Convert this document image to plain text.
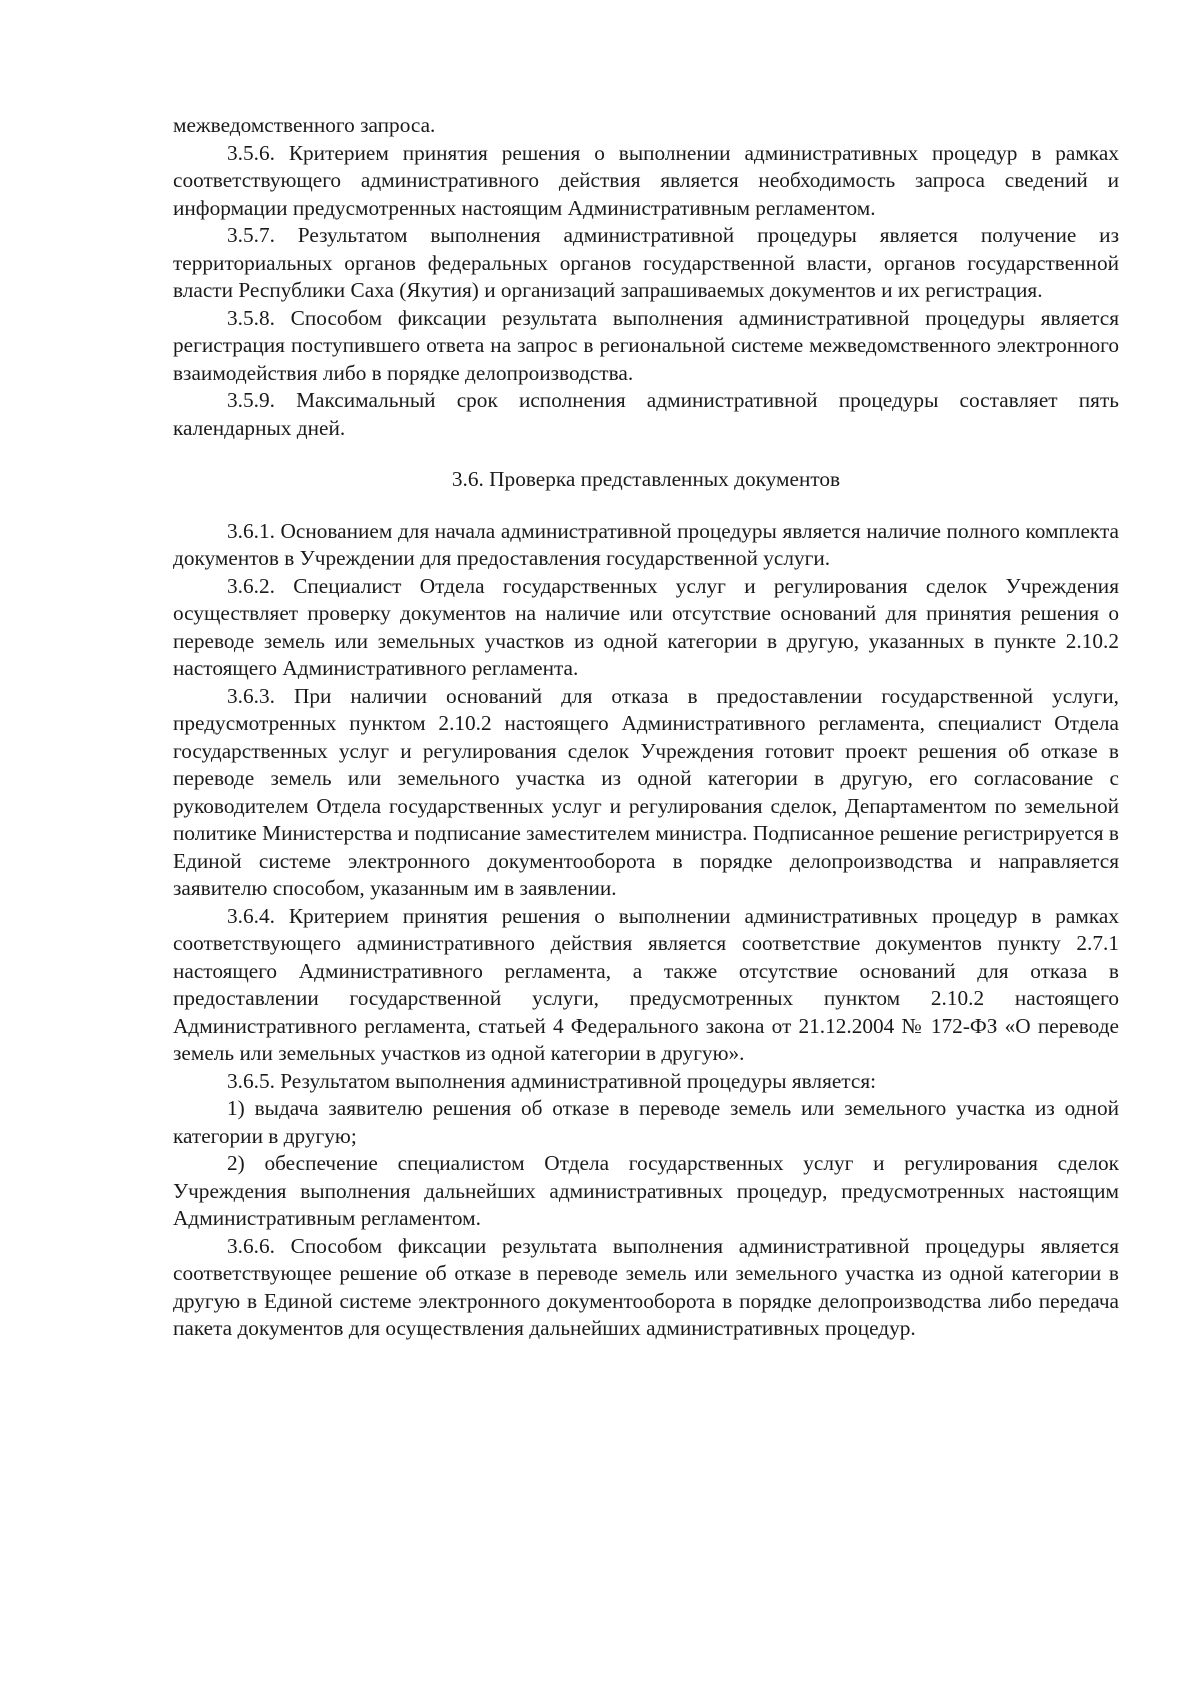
межведомственного запроса.

3.5.6. Критерием принятия решения о выполнении административных процедур в рамках соответствующего административного действия является необходимость запроса сведений и информации предусмотренных настоящим Административным регламентом.

3.5.7. Результатом выполнения административной процедуры является получение из территориальных органов федеральных органов государственной власти, органов государственной власти Республики Саха (Якутия) и организаций запрашиваемых документов и их регистрация.

3.5.8. Способом фиксации результата выполнения административной процедуры является регистрация поступившего ответа на запрос в региональной системе межведомственного электронного взаимодействия либо в порядке делопроизводства.

3.5.9. Максимальный срок исполнения административной процедуры составляет пять календарных дней.

3.6. Проверка представленных документов

3.6.1. Основанием для начала административной процедуры является наличие полного комплекта документов в Учреждении для предоставления государственной услуги.

3.6.2. Специалист Отдела государственных услуг и регулирования сделок Учреждения осуществляет проверку документов на наличие или отсутствие оснований для принятия решения о переводе земель или земельных участков из одной категории в другую, указанных в пункте 2.10.2 настоящего Административного регламента.

3.6.3. При наличии оснований для отказа в предоставлении государственной услуги, предусмотренных пунктом 2.10.2 настоящего Административного регламента, специалист Отдела государственных услуг и регулирования сделок Учреждения готовит проект решения об отказе в переводе земель или земельного участка из одной категории в другую, его согласование с руководителем Отдела государственных услуг и регулирования сделок, Департаментом по земельной политике Министерства и подписание заместителем министра. Подписанное решение регистрируется в Единой системе электронного документооборота в порядке делопроизводства и направляется заявителю способом, указанным им в заявлении.

3.6.4. Критерием принятия решения о выполнении административных процедур в рамках соответствующего административного действия является соответствие документов пункту 2.7.1 настоящего Административного регламента, а также отсутствие оснований для отказа в предоставлении государственной услуги, предусмотренных пунктом 2.10.2 настоящего Административного регламента, статьей 4 Федерального закона от 21.12.2004 № 172-ФЗ «О переводе земель или земельных участков из одной категории в другую».

3.6.5. Результатом выполнения административной процедуры является:

1) выдача заявителю решения об отказе в переводе земель или земельного участка из одной категории в другую;

2) обеспечение специалистом Отдела государственных услуг и регулирования сделок Учреждения выполнения дальнейших административных процедур, предусмотренных настоящим Административным регламентом.

3.6.6. Способом фиксации результата выполнения административной процедуры является соответствующее решение об отказе в переводе земель или земельного участка из одной категории в другую в Единой системе электронного документооборота в порядке делопроизводства либо передача пакета документов для осуществления дальнейших административных процедур.
